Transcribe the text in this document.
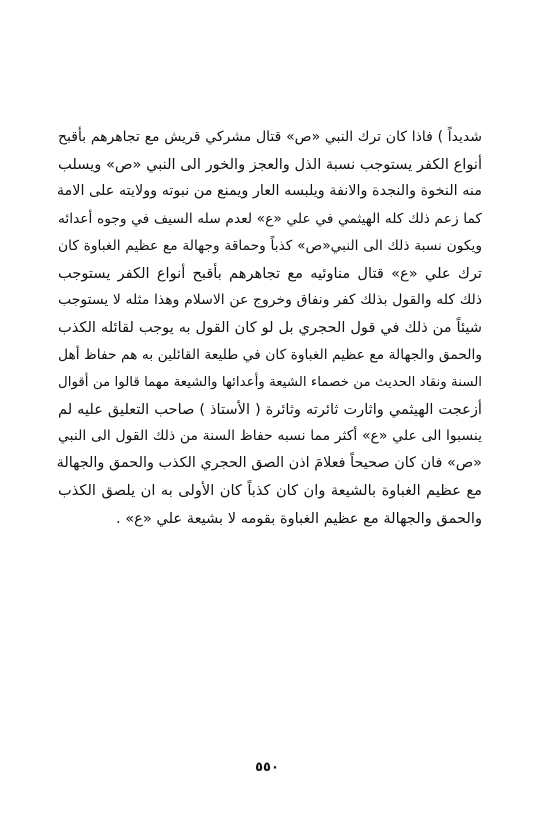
شديداً ) فاذا كان ترك النبي «ص» قتال مشركي قريش مع تجاهرهم بأقبح
أنواع الكفر يستوجب نسبة الذل والعجز والخور الى النبي «ص» ويسلب
منه النخوة والنجدة والانفة ويلبسه العار ويمنع من نبوته وولايته على الامة
كما زعم ذلك كله الهيثمي في علي «ع» لعدم سله السيف في وجوه أعدائه
ويكون نسبة ذلك الى النبي«ص» كذباً وحماقة وجهالة مع عظيم الغباوة كان
ترك علي «ع» قتال مناوئيه مع تجاهرهم بأقبح أنواع الكفر يستوجب
ذلك كله والقول بذلك كفر ونفاق وخروج عن الاسلام وهذا مثله لا يستوجب
شيئاً من ذلك في قول الحجري بل لو كان القول به يوجب لقائله الكذب
والحمق والجهالة مع عظيم الغباوة كان في طليعة القائلين به هم حفاظ أهل
السنة ونقاد الحديث من خصماء الشيعة وأعدائها والشيعة مهما قالوا من أقوال
أزعجت الهيثمي واثارت ثائرته وثائرة ( الأستاذ ) صاحب التعليق عليه لم
ينسبوا الى علي «ع» أكثر مما نسبه حفاظ السنة من ذلك القول الى النبي
«ص» فان كان صحيحاً فعلامَ اذن الصق الحجري الكذب والحمق والجهالة
مع عظيم الغباوة بالشيعة وان كان كذباً كان الأولى به ان يلصق الكذب
والحمق والجهالة مع عظيم الغباوة بقومه لا بشيعة علي «ع» .
٥٥٠
